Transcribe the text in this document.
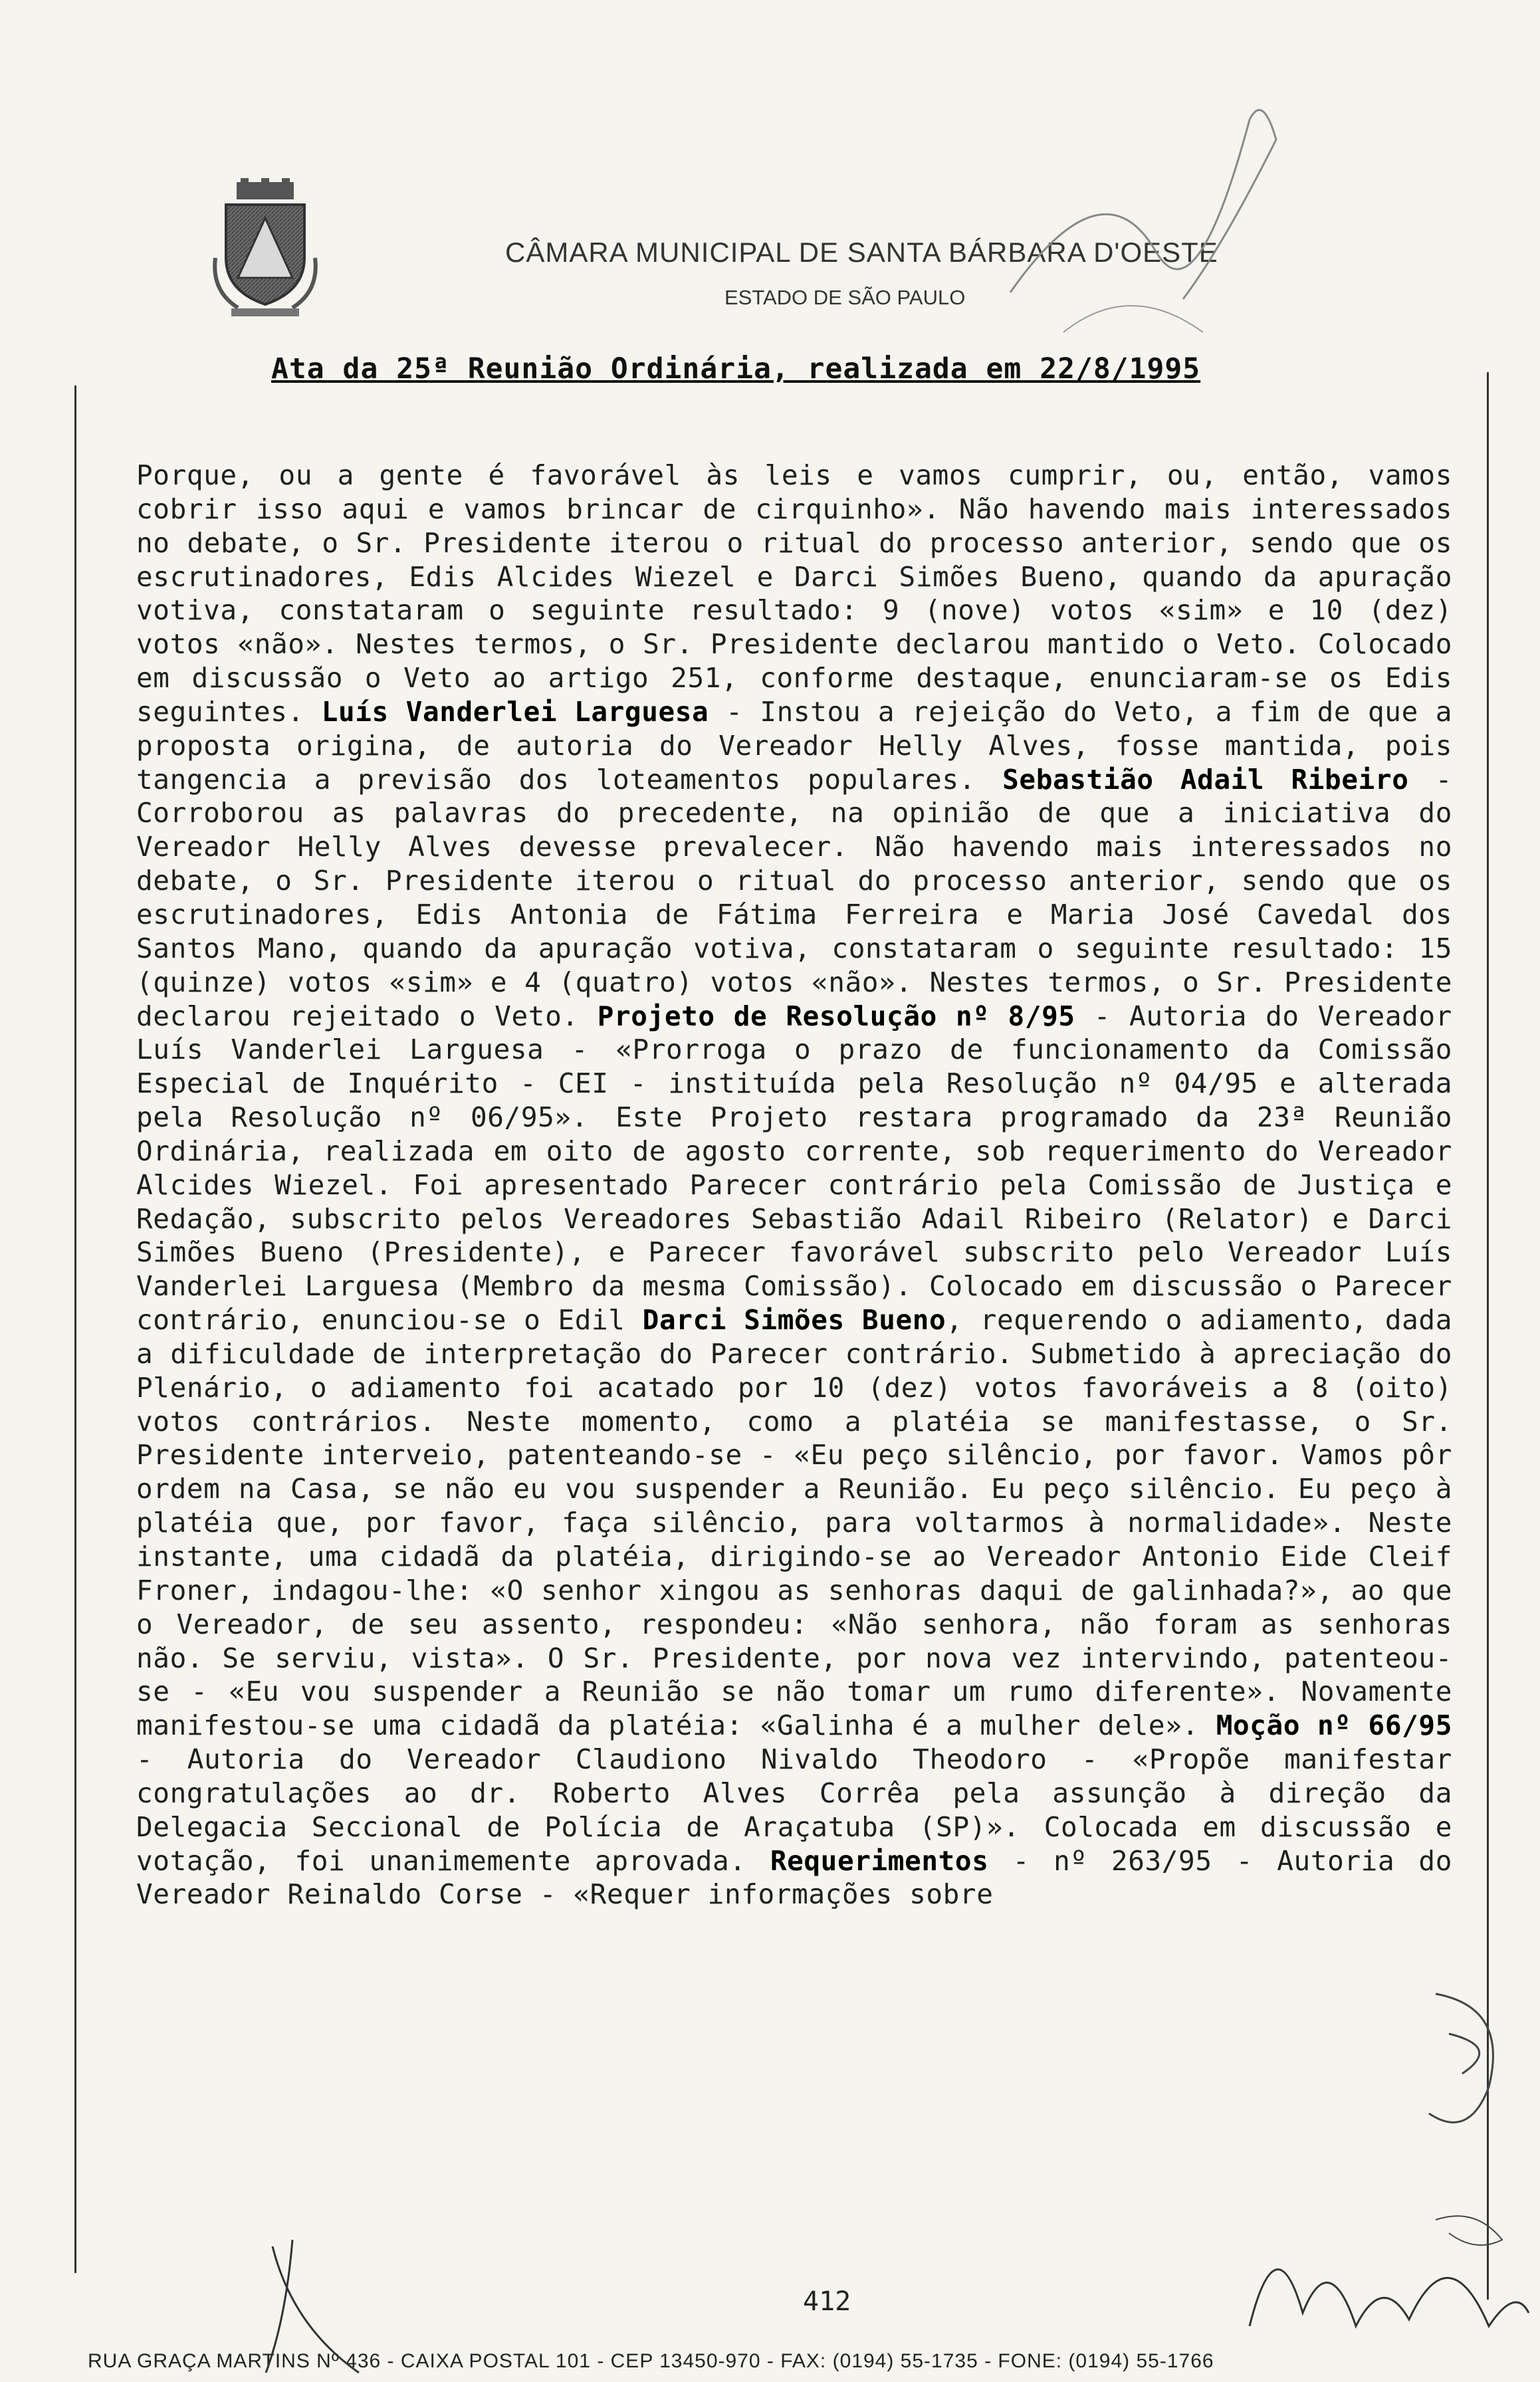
CÂMARA MUNICIPAL DE SANTA BÁRBARA D'OESTE
ESTADO DE SÃO PAULO
Ata da 25ª Reunião Ordinária, realizada em 22/8/1995
Porque, ou a gente é favorável às leis e vamos cumprir, ou, então, vamos cobrir isso aqui e vamos brincar de cirquinho». Não havendo mais interessados no debate, o Sr. Presidente iterou o ritual do processo anterior, sendo que os escrutinadores, Edis Alcides Wiezel e Darci Simões Bueno, quando da apuração votiva, constataram o seguinte resultado: 9 (nove) votos «sim» e 10 (dez) votos «não». Nestes termos, o Sr. Presidente declarou mantido o Veto. Colocado em discussão o Veto ao artigo 251, conforme destaque, enunciaram-se os Edis seguintes. Luís Vanderlei Larguesa - Instou a rejeição do Veto, a fim de que a proposta origina, de autoria do Vereador Helly Alves, fosse mantida, pois tangencia a previsão dos loteamentos populares. Sebastião Adail Ribeiro - Corroborou as palavras do precedente, na opinião de que a iniciativa do Vereador Helly Alves devesse prevalecer. Não havendo mais interessados no debate, o Sr. Presidente iterou o ritual do processo anterior, sendo que os escrutinadores, Edis Antonia de Fátima Ferreira e Maria José Cavedal dos Santos Mano, quando da apuração votiva, constataram o seguinte resultado: 15 (quinze) votos «sim» e 4 (quatro) votos «não». Nestes termos, o Sr. Presidente declarou rejeitado o Veto. Projeto de Resolução nº 8/95 - Autoria do Vereador Luís Vanderlei Larguesa - «Prorroga o prazo de funcionamento da Comissão Especial de Inquérito - CEI - instituída pela Resolução nº 04/95 e alterada pela Resolução nº 06/95». Este Projeto restara programado da 23ª Reunião Ordinária, realizada em oito de agosto corrente, sob requerimento do Vereador Alcides Wiezel. Foi apresentado Parecer contrário pela Comissão de Justiça e Redação, subscrito pelos Vereadores Sebastião Adail Ribeiro (Relator) e Darci Simões Bueno (Presidente), e Parecer favorável subscrito pelo Vereador Luís Vanderlei Larguesa (Membro da mesma Comissão). Colocado em discussão o Parecer contrário, enunciou-se o Edil Darci Simões Bueno, requerendo o adiamento, dada a dificuldade de interpretação do Parecer contrário. Submetido à apreciação do Plenário, o adiamento foi acatado por 10 (dez) votos favoráveis a 8 (oito) votos contrários. Neste momento, como a platéia se manifestasse, o Sr. Presidente interveio, patenteando-se - «Eu peço silêncio, por favor. Vamos pôr ordem na Casa, se não eu vou suspender a Reunião. Eu peço silêncio. Eu peço à platéia que, por favor, faça silêncio, para voltarmos à normalidade». Neste instante, uma cidadã da platéia, dirigindo-se ao Vereador Antonio Eide Cleif Froner, indagou-lhe: «O senhor xingou as senhoras daqui de galinhada?», ao que o Vereador, de seu assento, respondeu: «Não senhora, não foram as senhoras não. Se serviu, vista». O Sr. Presidente, por nova vez intervindo, patenteou-se - «Eu vou suspender a Reunião se não tomar um rumo diferente». Novamente manifestou-se uma cidadã da platéia: «Galinha é a mulher dele». Moção nº 66/95 - Autoria do Vereador Claudiono Nivaldo Theodoro - «Propõe manifestar congratulações ao dr. Roberto Alves Corrêa pela assunção à direção da Delegacia Seccional de Polícia de Araçatuba (SP)». Colocada em discussão e votação, foi unanimemente aprovada. Requerimentos - nº 263/95 - Autoria do Vereador Reinaldo Corse - «Requer informações sobre
412
RUA GRAÇA MARTINS Nº 436 - CAIXA POSTAL 101 - CEP 13450-970 - FAX: (0194) 55-1735 - FONE: (0194) 55-1766
